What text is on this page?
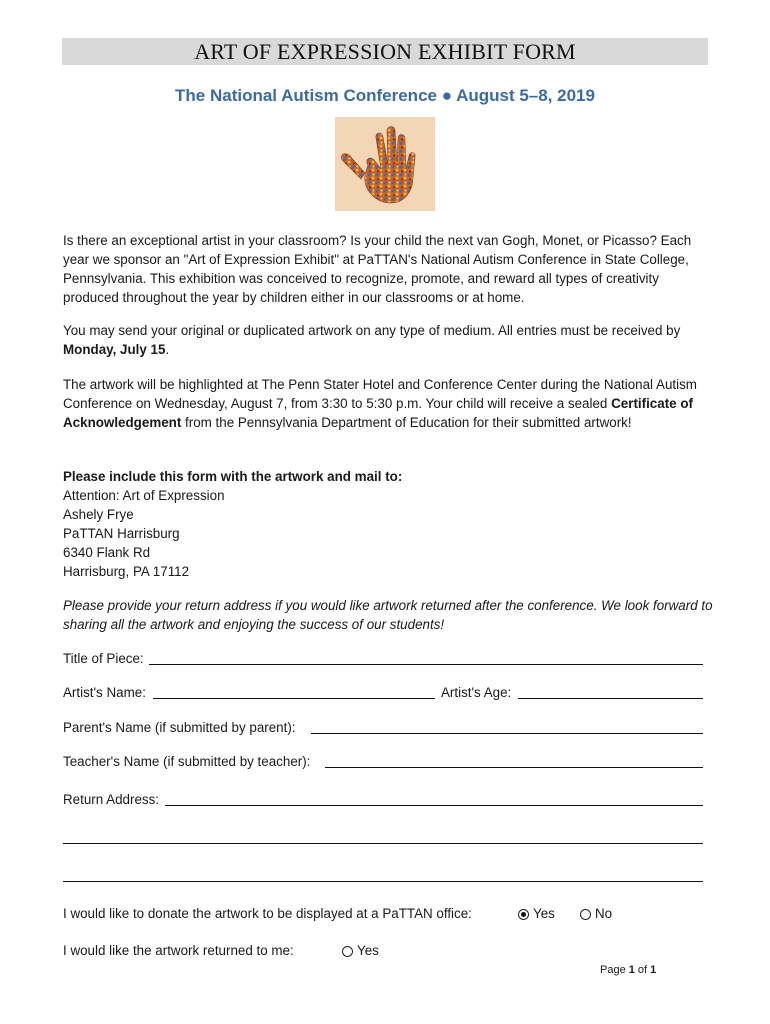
ART OF EXPRESSION EXHIBIT FORM
The National Autism Conference ● August 5–8, 2019
Is there an exceptional artist in your classroom? Is your child the next van Gogh, Monet, or Picasso? Each year we sponsor an "Art of Expression Exhibit" at PaTTAN's National Autism Conference in State College, Pennsylvania. This exhibition was conceived to recognize, promote, and reward all types of creativity produced throughout the year by children either in our classrooms or at home.
You may send your original or duplicated artwork on any type of medium. All entries must be received by Monday, July 15.
The artwork will be highlighted at The Penn Stater Hotel and Conference Center during the National Autism Conference on Wednesday, August 7, from 3:30 to 5:30 p.m. Your child will receive a sealed Certificate of Acknowledgement from the Pennsylvania Department of Education for their submitted artwork!
Please include this form with the artwork and mail to:
Attention: Art of Expression
Ashely Frye
PaTTAN Harrisburg
6340 Flank Rd
Harrisburg, PA 17112
Please provide your return address if you would like artwork returned after the conference. We look forward to sharing all the artwork and enjoying the success of our students!
Title of Piece:
Artist's Name:	Artist's Age:
Parent's Name (if submitted by parent):
Teacher's Name (if submitted by teacher):
Return Address:
I would like to donate the artwork to be displayed at a PaTTAN office:	Yes	No
I would like the artwork returned to me:	Yes
Page 1 of 1
